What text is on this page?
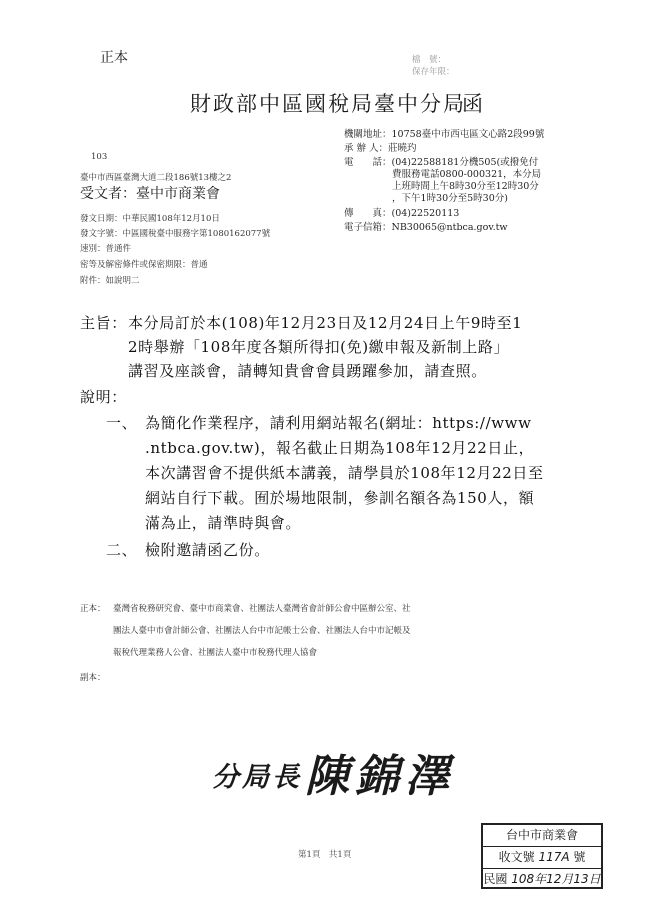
正本	檔　號：
保存年限：
財政部中區國稅局臺中分局
函
機關地址：10758臺中市西屯區文心路2段99號
承 辦 人：莊曉玓
電　　話：(04)22588181分機505(或撥免付
費服務電話0800-000321，本分局
上班時間上午8時30分至12時30分
，下午1時30分至5時30分)
傳　　真：(04)22520113
電子信箱：NB30065@ntbca.gov.tw
103
臺中市西區臺灣大道二段186號13樓之2
受文者：臺中市商業會
發文日期：中華民國108年12月10日
發文字號：中區國稅臺中服務字第1080162077號
速別：普通件
密等及解密條件或保密期限：普通
附件：如說明二
主旨： 本分局訂於本(108)年12月23日及12月24日上午9時至1
2時舉辦「108年度各類所得扣(免)繳申報及新制上路」
講習及座談會，請轉知貴會會員踴躍參加，請查照。
說明：
一、 為簡化作業程序，請利用網站報名(網址：https://www
.ntbca.gov.tw)，報名截止日期為108年12月22日止，
本次講習會不提供紙本講義，請學員於108年12月22日至
網站自行下載。囿於場地限制，參訓名額各為150人，額
滿為止，請準時與會。
二、 檢附邀請函乙份。
正本： 臺灣省稅務研究會、臺中市商業會、社團法人臺灣省會計師公會中區辦公室、社
團法人臺中市會計師公會、社團法人台中市記帳士公會、社團法人台中市記帳及
報稅代理業務人公會、社團法人臺中市稅務代理人協會
副本：
分局長 陳錦澤
第1頁　共1頁
台中市商業會
收文號 117A 號
民國 108年12月13日
